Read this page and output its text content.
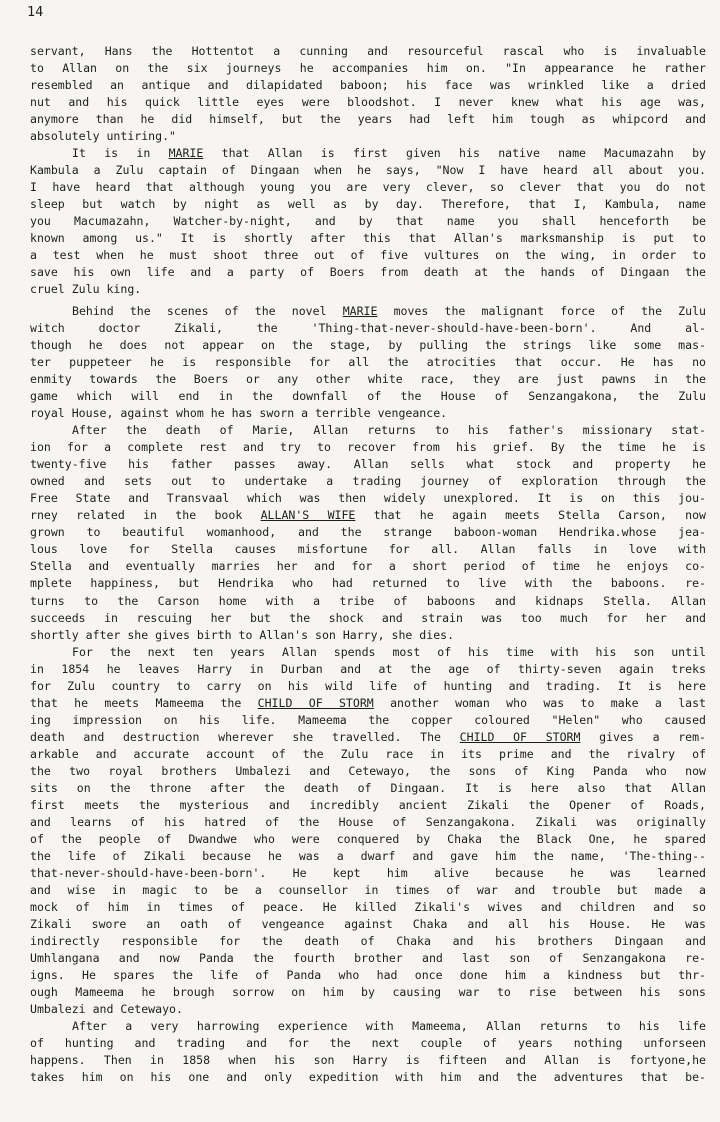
14
servant, Hans the Hottentot a cunning and resourceful rascal who is invaluable
to Allan on the six journeys he accompanies him on. "In appearance he rather
resembled an antique and dilapidated baboon; his face was wrinkled like a dried
nut and his quick little eyes were bloodshot. I never knew what his age was,
anymore than he did himself, but the years had left him tough as whipcord and
absolutely untiring."
It is in MARIE that Allan is first given his native name Macumazahn by
Kambula a Zulu captain of Dingaan when he says, "Now I have heard all about you.
I have heard that although young you are very clever, so clever that you do not
sleep but watch by night as well as by day. Therefore, that I, Kambula, name
you Macumazahn, Watcher-by-night, and by that name you shall henceforth be
known among us." It is shortly after this that Allan's marksmanship is put to
a test when he must shoot three out of five vultures on the wing, in order to
save his own life and a party of Boers from death at the hands of Dingaan the
cruel Zulu king.
Behind the scenes of the novel MARIE moves the malignant force of the Zulu
witch doctor Zikali, the 'Thing-that-never-should-have-been-born'. And al-
though he does not appear on the stage, by pulling the strings like some mas-
ter puppeteer he is responsible for all the atrocities that occur. He has no
enmity towards the Boers or any other white race, they are just pawns in the
game which will end in the downfall of the House of Senzangakona, the Zulu
royal House, against whom he has sworn a terrible vengeance.
After the death of Marie, Allan returns to his father's missionary stat-
ion for a complete rest and try to recover from his grief. By the time he is
twenty-five his father passes away. Allan sells what stock and property he
owned and sets out to undertake a trading journey of exploration through the
Free State and Transvaal which was then widely unexplored. It is on this jou-
rney related in the book ALLAN'S WIFE that he again meets Stella Carson, now
grown to beautiful womanhood, and the strange baboon-woman Hendrika.whose jea-
lous love for Stella causes misfortune for all. Allan falls in love with
Stella and eventually marries her and for a short period of time he enjoys co-
mplete happiness, but Hendrika who had returned to live with the baboons. re-
turns to the Carson home with a tribe of baboons and kidnaps Stella. Allan
succeeds in rescuing her but the shock and strain was too much for her and
shortly after she gives birth to Allan's son Harry, she dies.
For the next ten years Allan spends most of his time with his son until
in 1854 he leaves Harry in Durban and at the age of thirty-seven again treks
for Zulu country to carry on his wild life of hunting and trading. It is here
that he meets Mameema the CHILD OF STORM another woman who was to make a last
ing impression on his life. Mameema the copper coloured "Helen" who caused
death and destruction wherever she travelled. The CHILD OF STORM gives a rem-
arkable and accurate account of the Zulu race in its prime and the rivalry of
the two royal brothers Umbalezi and Cetewayo, the sons of King Panda who now
sits on the throne after the death of Dingaan. It is here also that Allan
first meets the mysterious and incredibly ancient Zikali the Opener of Roads,
and learns of his hatred of the House of Senzangakona. Zikali was originally
of the people of Dwandwe who were conquered by Chaka the Black One, he spared
the life of Zikali because he was a dwarf and gave him the name, 'The-thing--
that-never-should-have-been-born'. He kept him alive because he was learned
and wise in magic to be a counsellor in times of war and trouble but made a
mock of him in times of peace. He killed Zikali's wives and children and so
Zikali swore an oath of vengeance against Chaka and all his House. He was
indirectly responsible for the death of Chaka and his brothers Dingaan and
Umhlangana and now Panda the fourth brother and last son of Senzangakona re-
igns. He spares the life of Panda who had once done him a kindness but thr-
ough Mameema he brough sorrow on him by causing war to rise between his sons
Umbalezi and Cetewayo.
After a very harrowing experience with Mameema, Allan returns to his life
of hunting and trading and for the next couple of years nothing unforseen
happens. Then in 1858 when his son Harry is fifteen and Allan is fortyone,he
takes him on his one and only expedition with him and the adventures that be-
